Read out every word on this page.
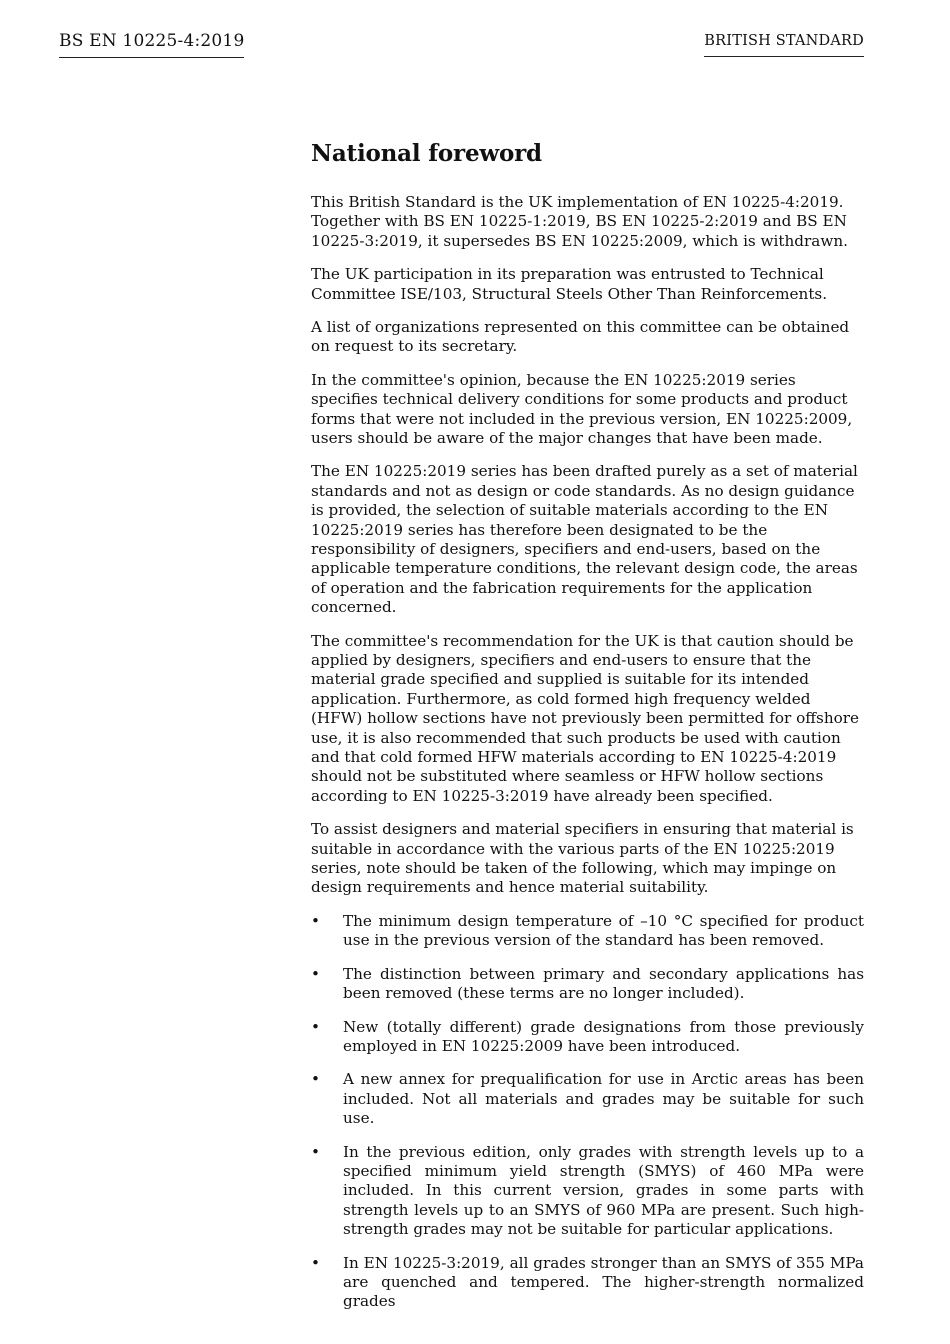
BS EN 10225-4:2019	BRITISH STANDARD
National foreword

This British Standard is the UK implementation of EN 10225-4:2019. Together with BS EN 10225-1:2019, BS EN 10225-2:2019 and BS EN 10225-3:2019, it supersedes BS EN 10225:2009, which is withdrawn.

The UK participation in its preparation was entrusted to Technical Committee ISE/103, Structural Steels Other Than Reinforcements.

A list of organizations represented on this committee can be obtained on request to its secretary.

In the committee's opinion, because the EN 10225:2019 series specifies technical delivery conditions for some products and product forms that were not included in the previous version, EN 10225:2009, users should be aware of the major changes that have been made.

The EN 10225:2019 series has been drafted purely as a set of material standards and not as design or code standards. As no design guidance is provided, the selection of suitable materials according to the EN 10225:2019 series has therefore been designated to be the responsibility of designers, specifiers and end-users, based on the applicable temperature conditions, the relevant design code, the areas of operation and the fabrication requirements for the application concerned.

The committee's recommendation for the UK is that caution should be applied by designers, specifiers and end-users to ensure that the material grade specified and supplied is suitable for its intended application. Furthermore, as cold formed high frequency welded (HFW) hollow sections have not previously been permitted for offshore use, it is also recommended that such products be used with caution and that cold formed HFW materials according to EN 10225-4:2019 should not be substituted where seamless or HFW hollow sections according to EN 10225-3:2019 have already been specified.

To assist designers and material specifiers in ensuring that material is suitable in accordance with the various parts of the EN 10225:2019 series, note should be taken of the following, which may impinge on design requirements and hence material suitability.

• The minimum design temperature of –10 °C specified for product use in the previous version of the standard has been removed.
• The distinction between primary and secondary applications has been removed (these terms are no longer included).
• New (totally different) grade designations from those previously employed in EN 10225:2009 have been introduced.
• A new annex for prequalification for use in Arctic areas has been included. Not all materials and grades may be suitable for such use.
• In the previous edition, only grades with strength levels up to a specified minimum yield strength (SMYS) of 460 MPa were included. In this current version, grades in some parts with strength levels up to an SMYS of 960 MPa are present. Such high-strength grades may not be suitable for particular applications.
• In EN 10225-3:2019, all grades stronger than an SMYS of 355 MPa are quenched and tempered. The higher-strength normalized grades
